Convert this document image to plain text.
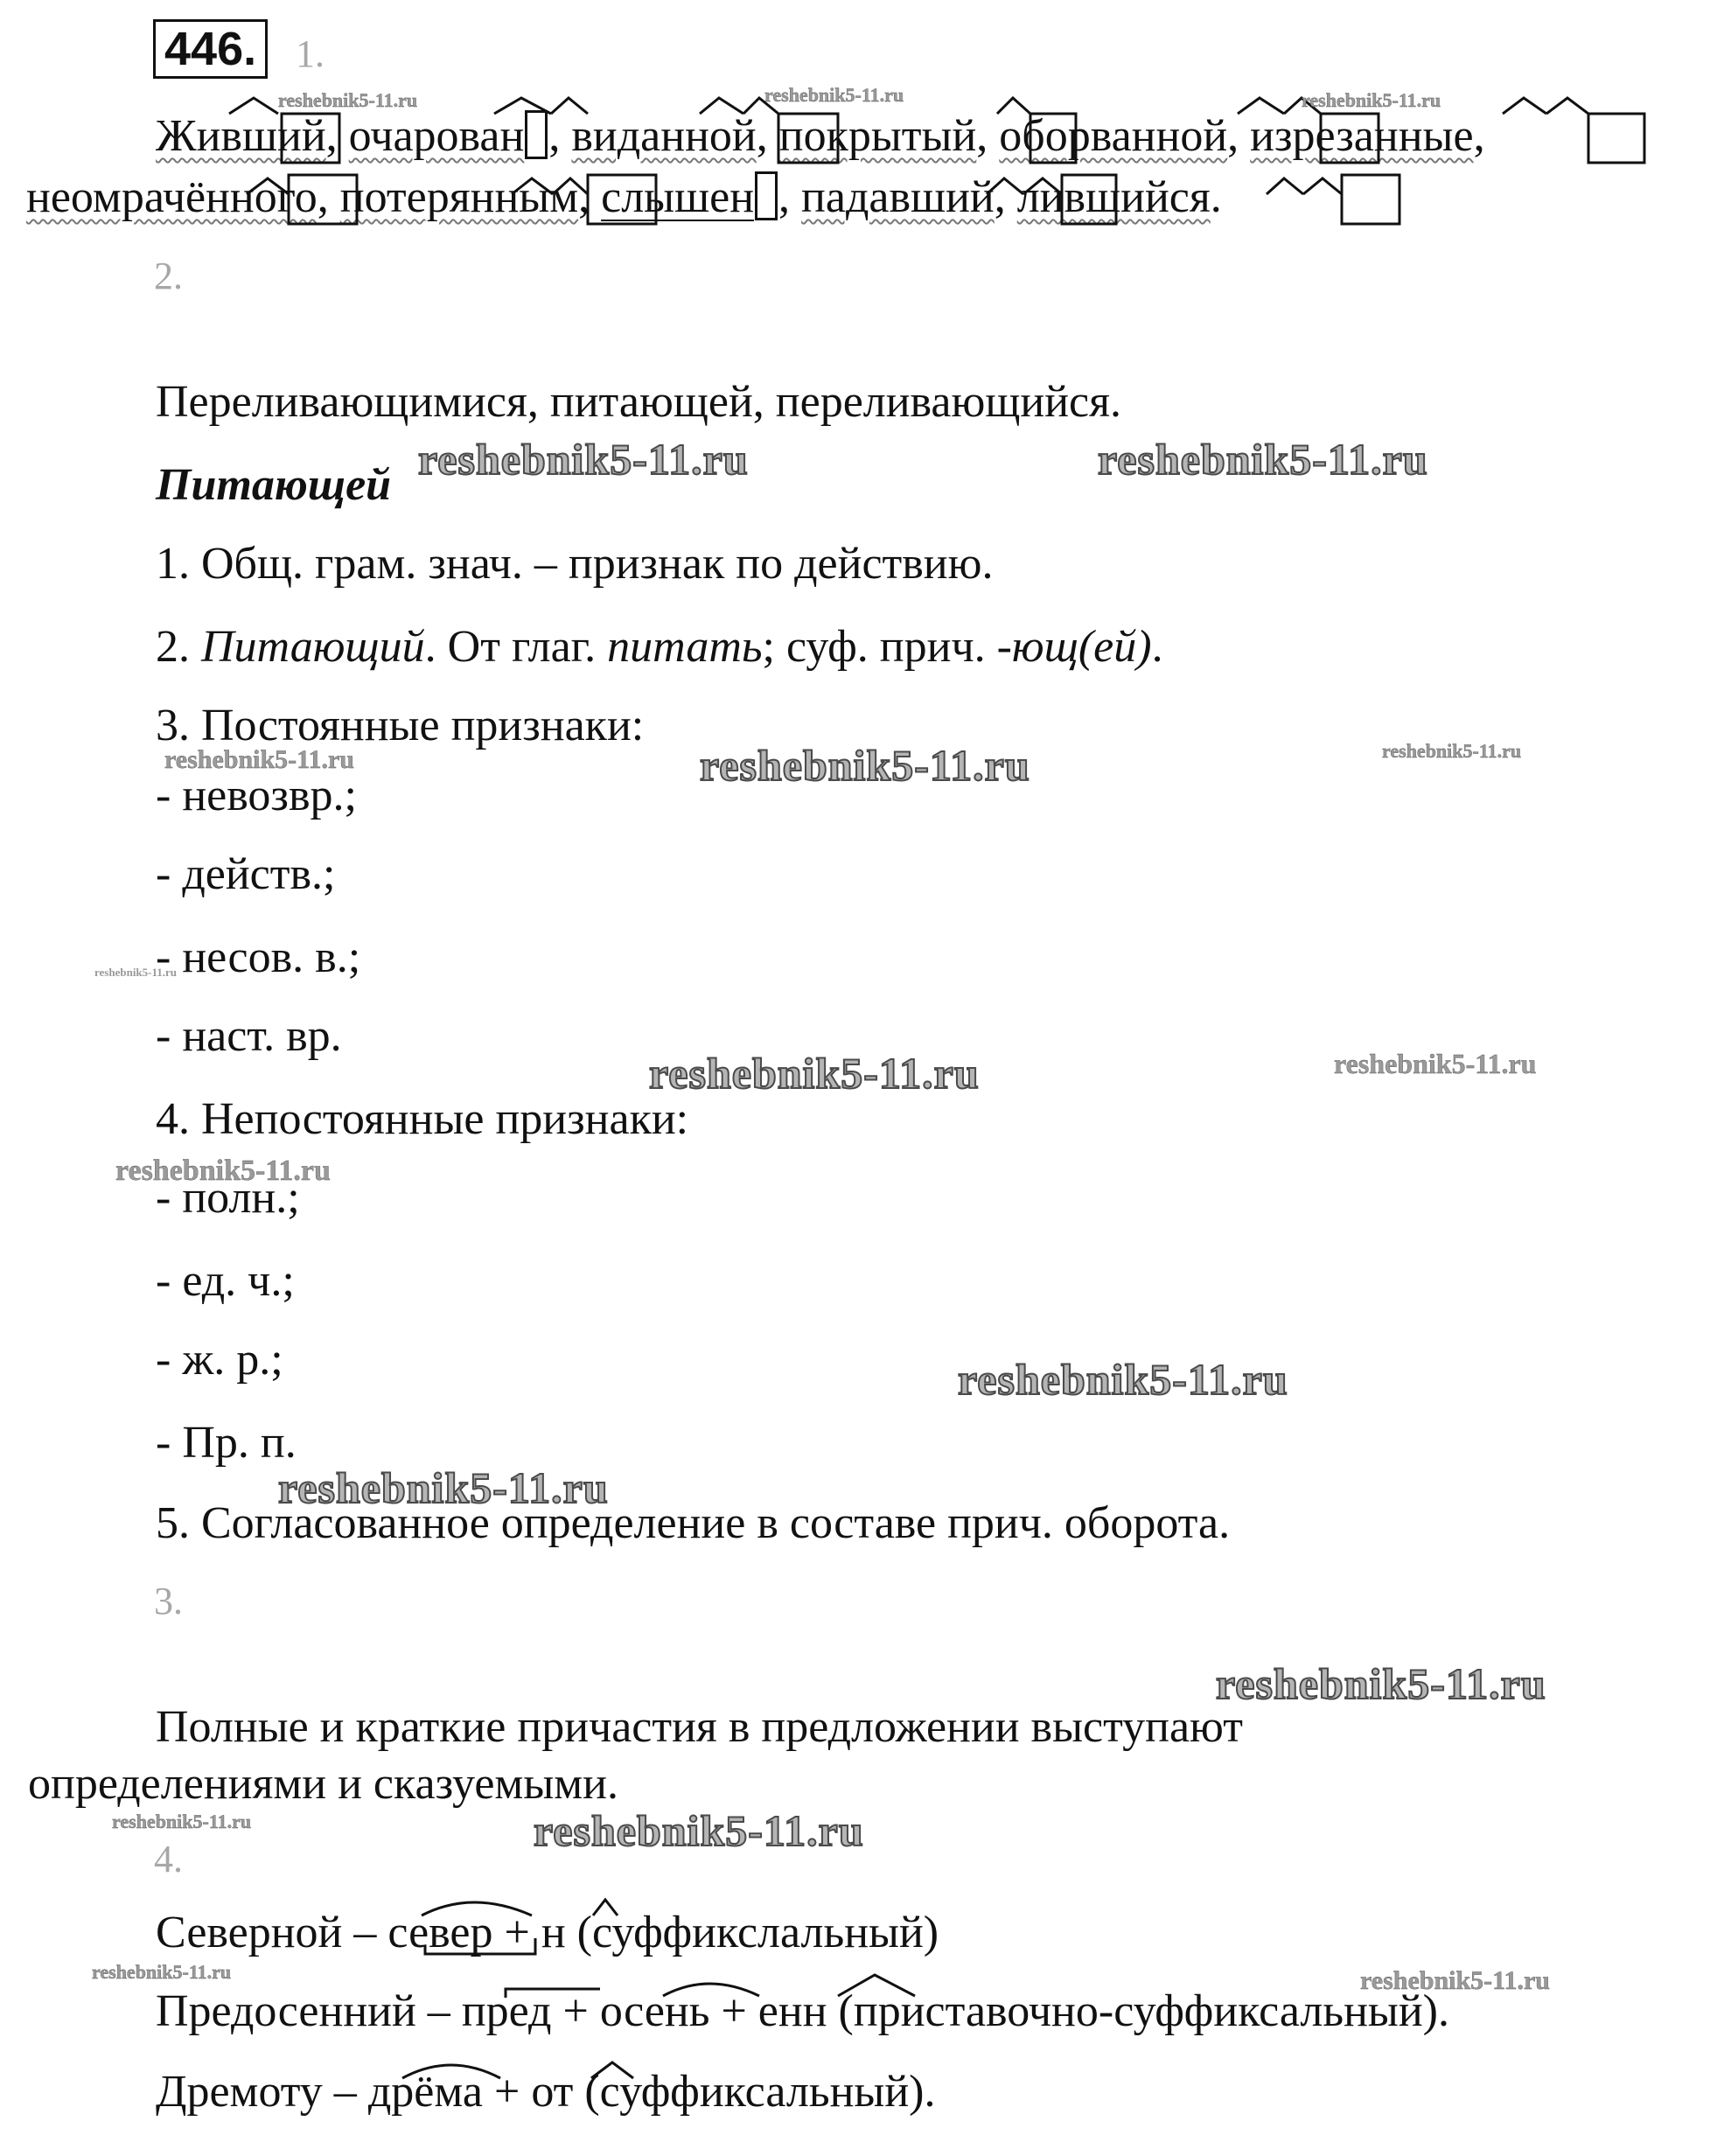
446. 1.
Живший, очарован , виданной, покрытый, оборванной, изрезанные,
неомрачённого, потерянным, слышен , падавший, лившийся.
2.
Переливающимися, питающей, переливающийся.
Питающей
1. Общ. грам. знач. – признак по действию.
2. Питающий. От глаг. питать; суф. прич. -ющ(ей).
3. Постоянные признаки:
- невозвр.;
- действ.;
- несов. в.;
- наст. вр.
4. Непостоянные признаки:
- полн.;
- ед. ч.;
- ж. р.;
- Пр. п.
5. Согласованное определение в составе прич. оборота.
3.
Полные и краткие причастия в предложении выступают
определениями и сказуемыми.
4.
Северной – север + н (суффикслальный)
Предосенний – пред + осень + енн (приставочно-суффиксальный).
Дремоту – дрёма + от (суффиксальный).
reshebnik5-11.ru	reshebnik5-11.ru	reshebnik5-11.ru
reshebnik5-11.ru	reshebnik5-11.ru
reshebnik5-11.ru	reshebnik5-11.ru	reshebnik5-11.ru
reshebnik5-11.ru
reshebnik5-11.ru	reshebnik5-11.ru
reshebnik5-11.ru
reshebnik5-11.ru
reshebnik5-11.ru
reshebnik5-11.ru
reshebnik5-11.ru	reshebnik5-11.ru
reshebnik5-11.ru	reshebnik5-11.ru
